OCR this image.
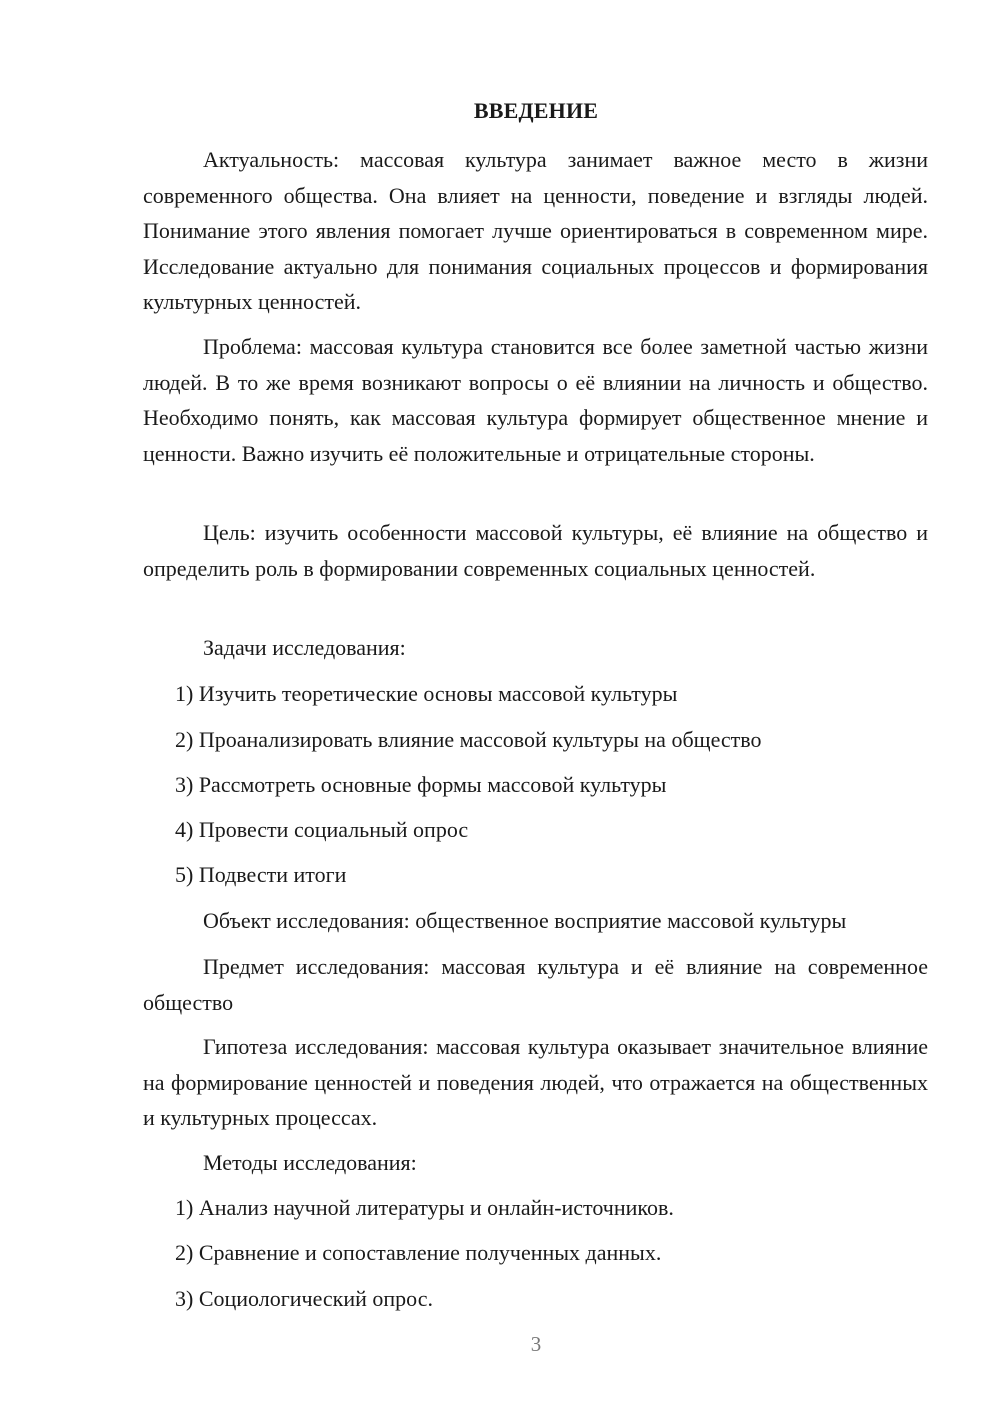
ВВЕДЕНИЕ

Актуальность: массовая культура занимает важное место в жизни современного общества. Она влияет на ценности, поведение и взгляды людей. Понимание этого явления помогает лучше ориентироваться в современном мире. Исследование актуально для понимания социальных процессов и формирования культурных ценностей.

Проблема: массовая культура становится все более заметной частью жизни людей. В то же время возникают вопросы о её влиянии на личность и общество. Необходимо понять, как массовая культура формирует общественное мнение и ценности. Важно изучить её положительные и отрицательные стороны.

Цель: изучить особенности массовой культуры, её влияние на общество и определить роль в формировании современных социальных ценностей.

Задачи исследования:

1) Изучить теоретические основы массовой культуры

2) Проанализировать влияние массовой культуры на общество

3) Рассмотреть основные формы массовой культуры

4) Провести социальный опрос

5) Подвести итоги

Объект исследования: общественное восприятие массовой культуры

Предмет исследования: массовая культура и её влияние на современное общество

Гипотеза исследования: массовая культура оказывает значительное влияние на формирование ценностей и поведения людей, что отражается на общественных и культурных процессах.

Методы исследования:

1) Анализ научной литературы и онлайн-источников.

2) Сравнение и сопоставление полученных данных.

3) Социологический опрос.

3
